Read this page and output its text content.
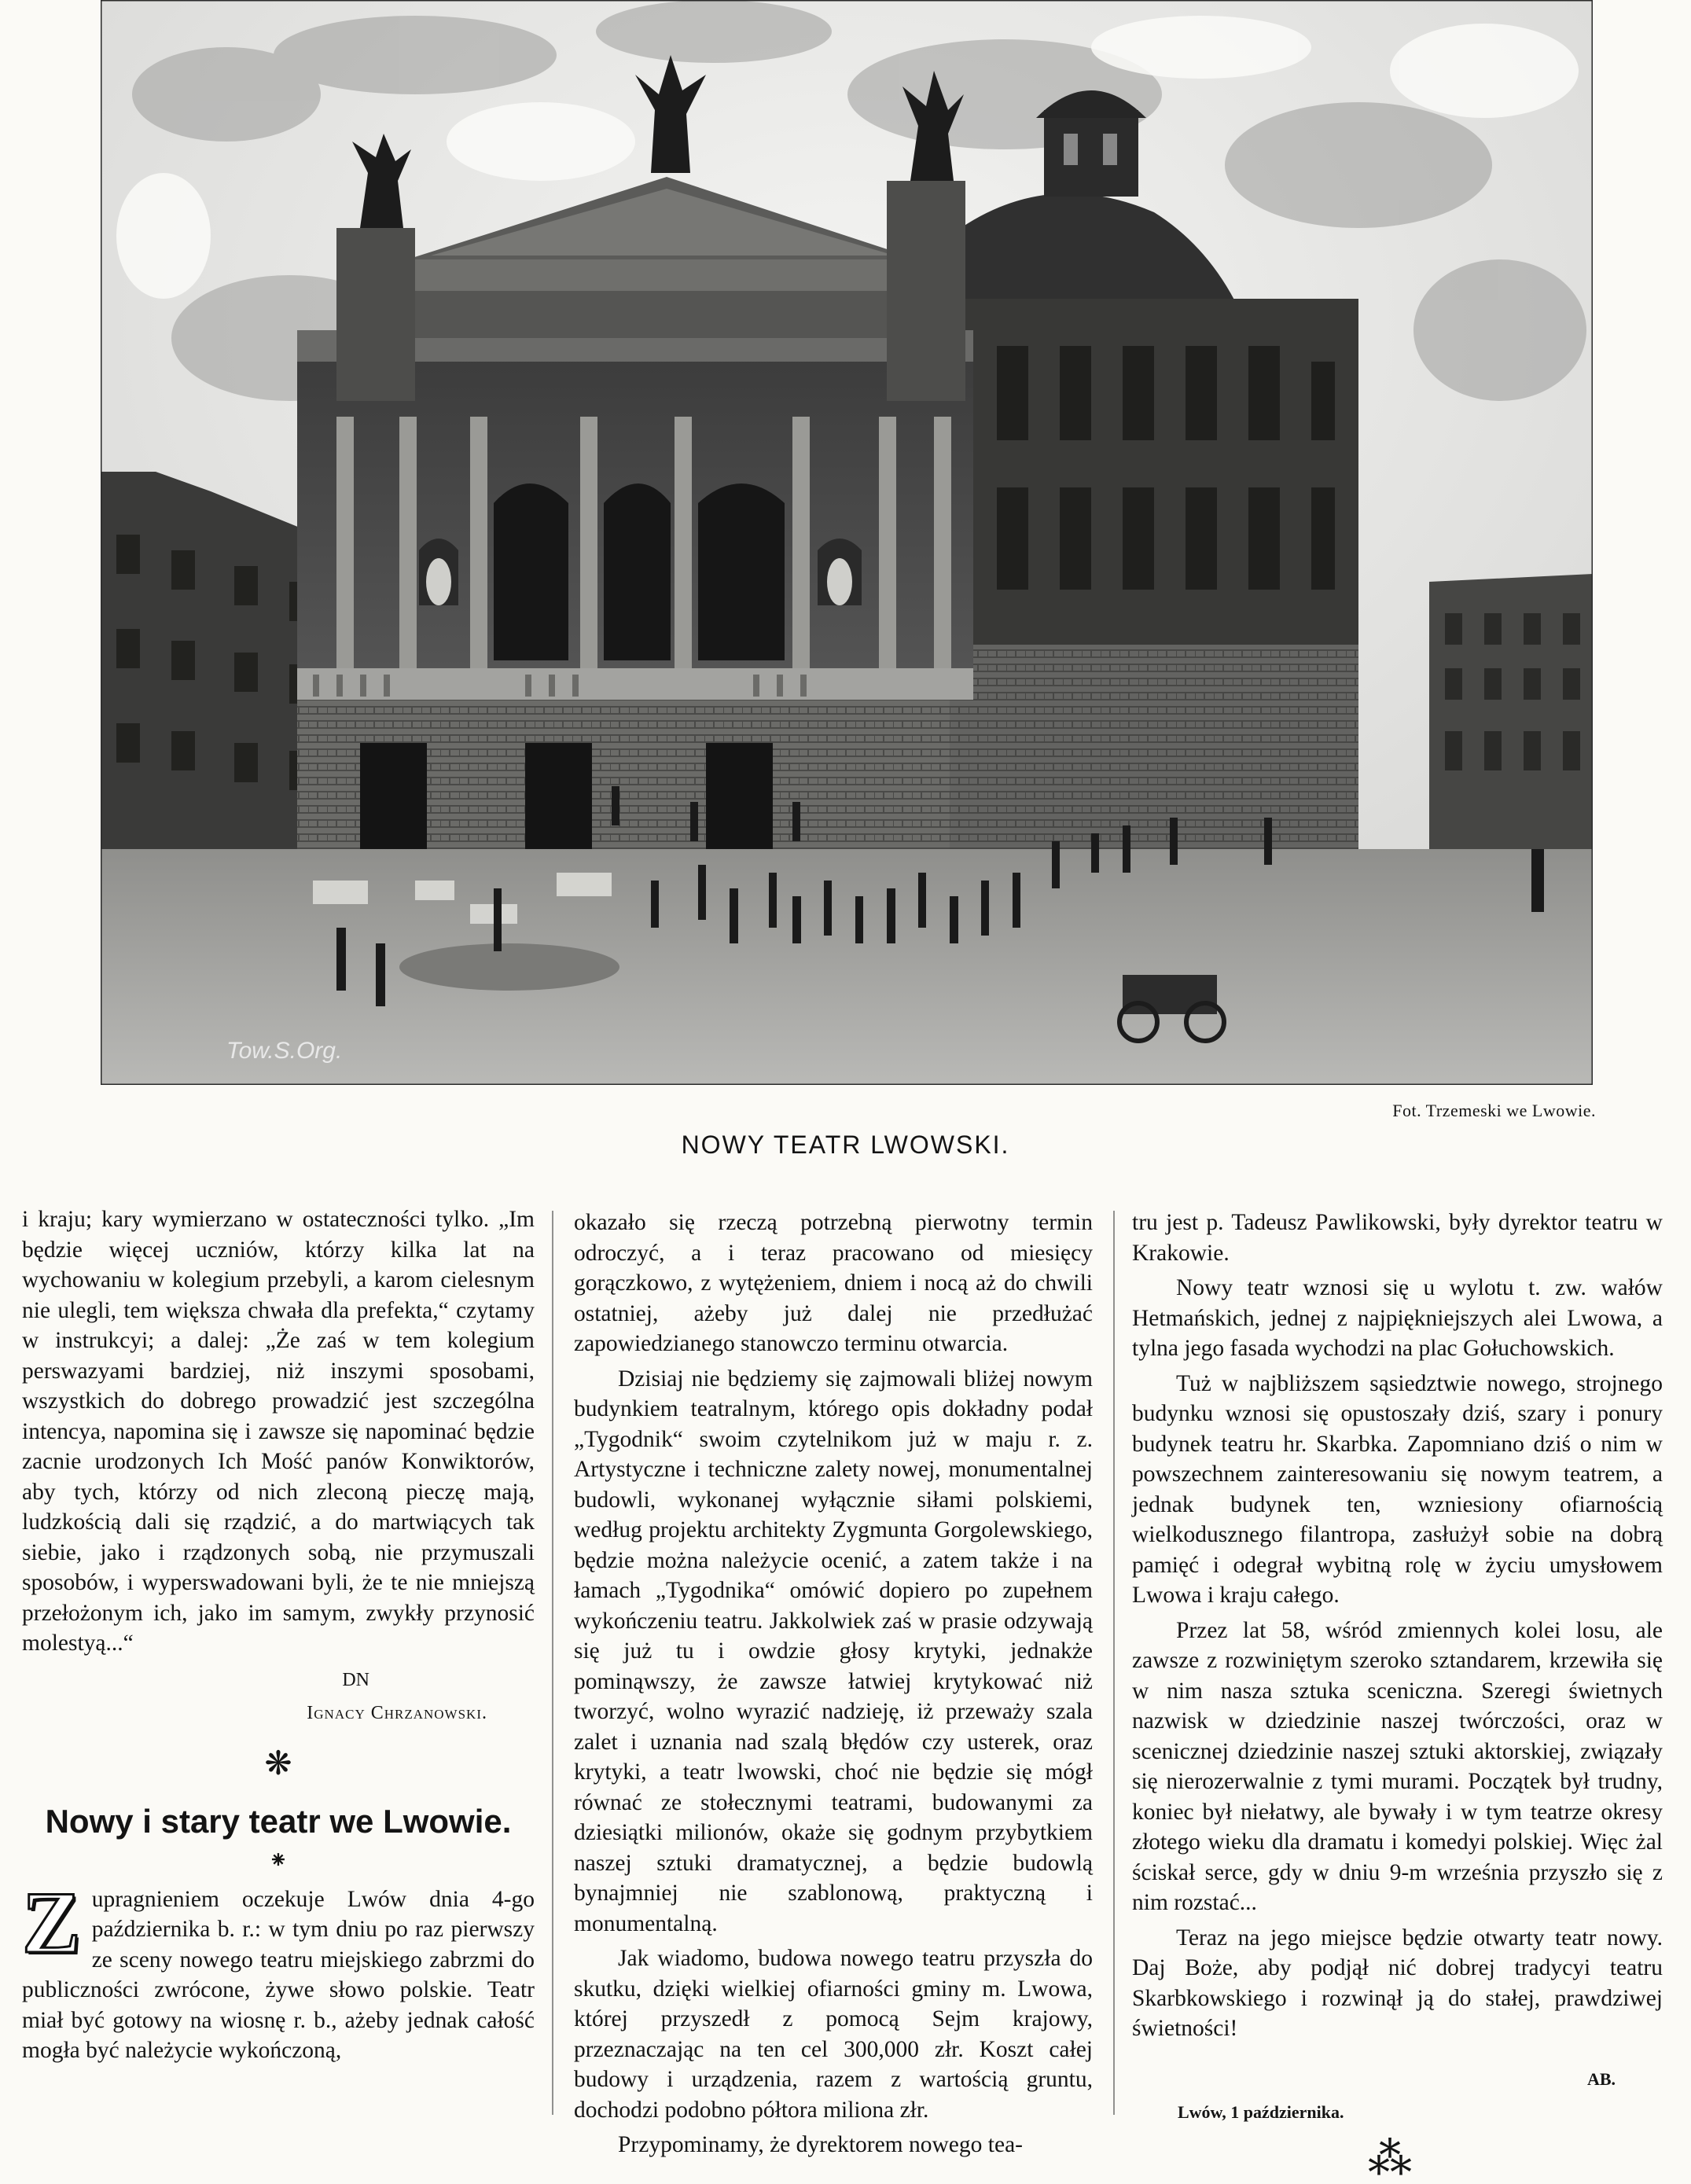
Tow.S.Org.
Fot. Trzemeski we Lwowie.
NOWY TEATR LWOWSKI.

i kraju; kary wymierzano w ostateczności tylko. „Im będzie więcej uczniów, którzy kilka lat na wychowaniu w kolegium przebyli, a karom cielesnym nie ulegli, tem większa chwała dla prefekta,“ czytamy w instrukcyi; a dalej: „Że zaś w tem kolegium perswazyami bardziej, niż inszymi sposobami, wszystkich do dobrego prowadzić jest szczególna intencya, napomina się i zawsze się napominać będzie zacnie urodzonych Ich Mość panów Konwiktorów, aby tych, którzy od nich zleconą pieczę mają, ludzkością dali się rządzić, a do martwiących tak siebie, jako i rządzonych sobą, nie przymuszali sposobów, i wyperswadowani byli, że te nie mniejszą przełożonym ich, jako im samym, zwykły przynosić molestyą...“

DN
Ignacy Chrzanowski.
❋
Nowy i stary teatr we Lwowie.
⁕
Z upragnieniem oczekuje Lwów dnia 4-go października b. r.: w tym dniu po raz pierwszy ze sceny nowego teatru miejskiego zabrzmi do publiczności zwrócone, żywe słowo polskie. Teatr miał być gotowy na wiosnę r. b., ażeby jednak całość mogła być należycie wykończoną,

okazało się rzeczą potrzebną pierwotny termin odroczyć, a i teraz pracowano od miesięcy gorączkowo, z wytężeniem, dniem i nocą aż do chwili ostatniej, ażeby już dalej nie przedłużać zapowiedzianego stanowczo terminu otwarcia.

Dzisiaj nie będziemy się zajmowali bliżej nowym budynkiem teatralnym, którego opis dokładny podał „Tygodnik“ swoim czytelnikom już w maju r. z. Artystyczne i techniczne zalety nowej, monumentalnej budowli, wykonanej wyłącznie siłami polskiemi, według projektu architekty Zygmunta Gorgolewskiego, będzie można należycie ocenić, a zatem także i na łamach „Tygodnika“ omówić dopiero po zupełnem wykończeniu teatru. Jakkolwiek zaś w prasie odzywają się już tu i owdzie głosy krytyki, jednakże pominąwszy, że zawsze łatwiej krytykować niż tworzyć, wolno wyrazić nadzieję, iż przeważy szala zalet i uznania nad szalą błędów czy usterek, oraz krytyki, a teatr lwowski, choć nie będzie się mógł równać ze stołecznymi teatrami, budowanymi za dziesiątki milionów, okaże się godnym przybytkiem naszej sztuki dramatycznej, a będzie budowlą bynajmniej nie szablonową, praktyczną i monumentalną.

Jak wiadomo, budowa nowego teatru przyszła do skutku, dzięki wielkiej ofiarności gminy m. Lwowa, której przyszedł z pomocą Sejm krajowy, przeznaczając na ten cel 300,000 złr. Koszt całej budowy i urządzenia, razem z wartością gruntu, dochodzi podobno półtora miliona złr.

Przypominamy, że dyrektorem nowego tea-

tru jest p. Tadeusz Pawlikowski, były dyrektor teatru w Krakowie.

Nowy teatr wznosi się u wylotu t. zw. wałów Hetmańskich, jednej z najpiękniejszych alei Lwowa, a tylna jego fasada wychodzi na plac Gołuchowskich.

Tuż w najbliższem sąsiedztwie nowego, strojnego budynku wznosi się opustoszały dziś, szary i ponury budynek teatru hr. Skarbka. Zapomniano dziś o nim w powszechnem zainteresowaniu się nowym teatrem, a jednak budynek ten, wzniesiony ofiarnością wielkodusznego filantropa, zasłużył sobie na dobrą pamięć i odegrał wybitną rolę w życiu umysłowem Lwowa i kraju całego.

Przez lat 58, wśród zmiennych kolei losu, ale zawsze z rozwiniętym szeroko sztandarem, krzewiła się w nim nasza sztuka sceniczna. Szeregi świetnych nazwisk w dziedzinie naszej twórczości, oraz w scenicznej dziedzinie naszej sztuki aktorskiej, związały się nierozerwalnie z tymi murami. Początek był trudny, koniec był niełatwy, ale bywały i w tym teatrze okresy złotego wieku dla dramatu i komedyi polskiej. Więc żal ściskał serce, gdy w dniu 9-m września przyszło się z nim rozstać...

Teraz na jego miejsce będzie otwarty teatr nowy. Daj Boże, aby podjął nić dobrej tradycyi teatru Skarbkowskiego i rozwinął ją do stałej, prawdziwej świetności!

AB.
Lwów, 1 października.
⁂
